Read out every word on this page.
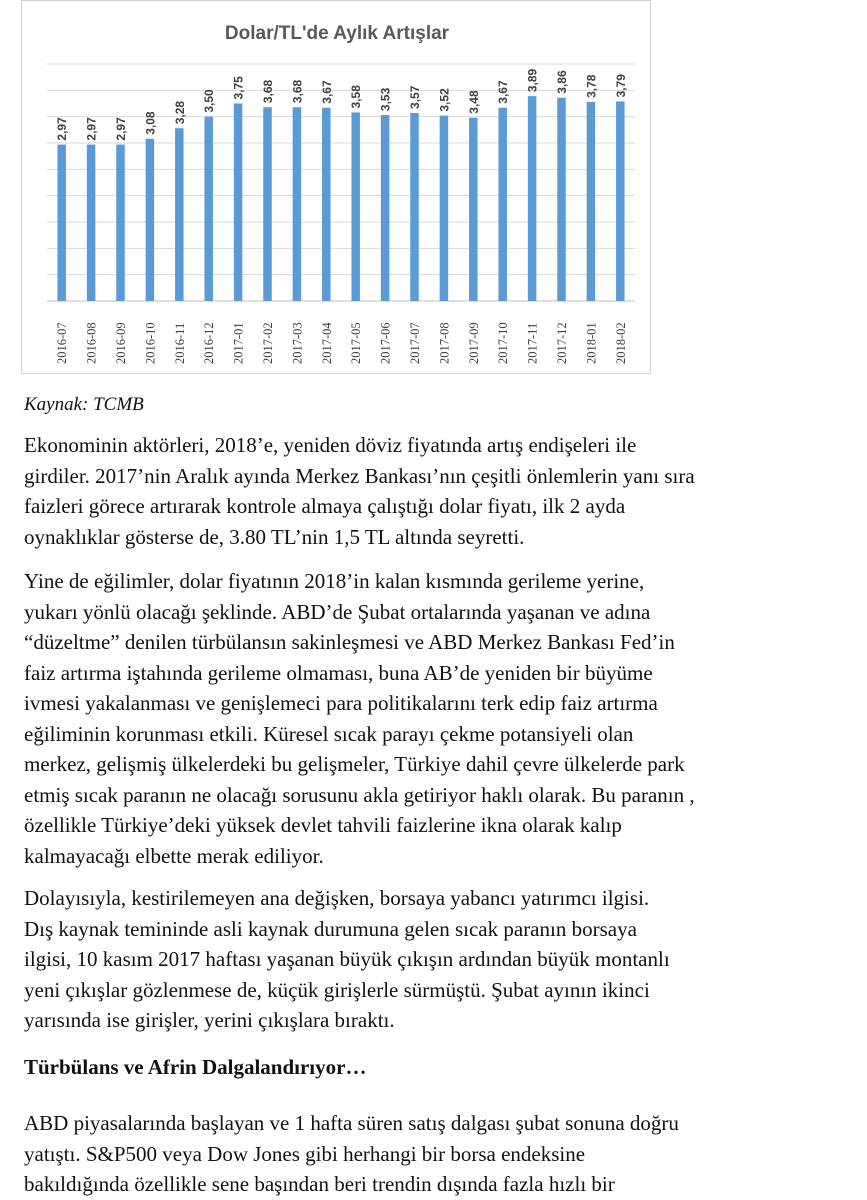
Dolar/TL'de Aylık Artışlar
2,97
2016-07
2,97
2016-08
2,97
2016-09
3,08
2016-10
3,28
2016-11
3,50
2016-12
3,75
2017-01
3,68
2017-02
3,68
2017-03
3,67
2017-04
3,58
2017-05
3,53
2017-06
3,57
2017-07
3,52
2017-08
3,48
2017-09
3,67
2017-10
3,89
2017-11
3,86
2017-12
3,78
2018-01
3,79
2018-02
Kaynak: TCMB
Ekonominin aktörleri, 2018’e, yeniden döviz fiyatında artış endişeleri ile
girdiler. 2017’nin Aralık ayında Merkez Bankası’nın çeşitli önlemlerin yanı sıra
faizleri görece artırarak kontrole almaya çalıştığı dolar fiyatı, ilk 2 ayda
oynaklıklar gösterse de, 3.80 TL’nin 1,5 TL altında seyretti.
Yine de eğilimler, dolar fiyatının 2018’in kalan kısmında gerileme yerine,
yukarı yönlü olacağı şeklinde. ABD’de Şubat ortalarında yaşanan ve adına
“düzeltme” denilen türbülansın sakinleşmesi ve ABD Merkez Bankası Fed’in
faiz artırma iştahında gerileme olmaması, buna AB’de yeniden bir büyüme
ivmesi yakalanması ve genişlemeci para politikalarını terk edip faiz artırma
eğiliminin korunması etkili. Küresel sıcak parayı çekme potansiyeli olan
merkez, gelişmiş ülkelerdeki bu gelişmeler, Türkiye dahil çevre ülkelerde park
etmiş sıcak paranın ne olacağı sorusunu akla getiriyor haklı olarak. Bu paranın ,
özellikle Türkiye’deki yüksek devlet tahvili faizlerine ikna olarak kalıp
kalmayacağı elbette merak ediliyor.
Dolayısıyla, kestirilemeyen ana değişken, borsaya yabancı yatırımcı ilgisi.
Dış kaynak temininde asli kaynak durumuna gelen sıcak paranın borsaya
ilgisi, 10 kasım 2017 haftası yaşanan büyük çıkışın ardından büyük montanlı
yeni çıkışlar gözlenmese de, küçük girişlerle sürmüştü. Şubat ayının ikinci
yarısında ise girişler, yerini çıkışlara bıraktı.
Türbülans ve Afrin Dalgalandırıyor…
ABD piyasalarında başlayan ve 1 hafta süren satış dalgası şubat sonuna doğru
yatıştı. S&P500 veya Dow Jones gibi herhangi bir borsa endeksine
bakıldığında özellikle sene başından beri trendin dışında fazla hızlı bir
